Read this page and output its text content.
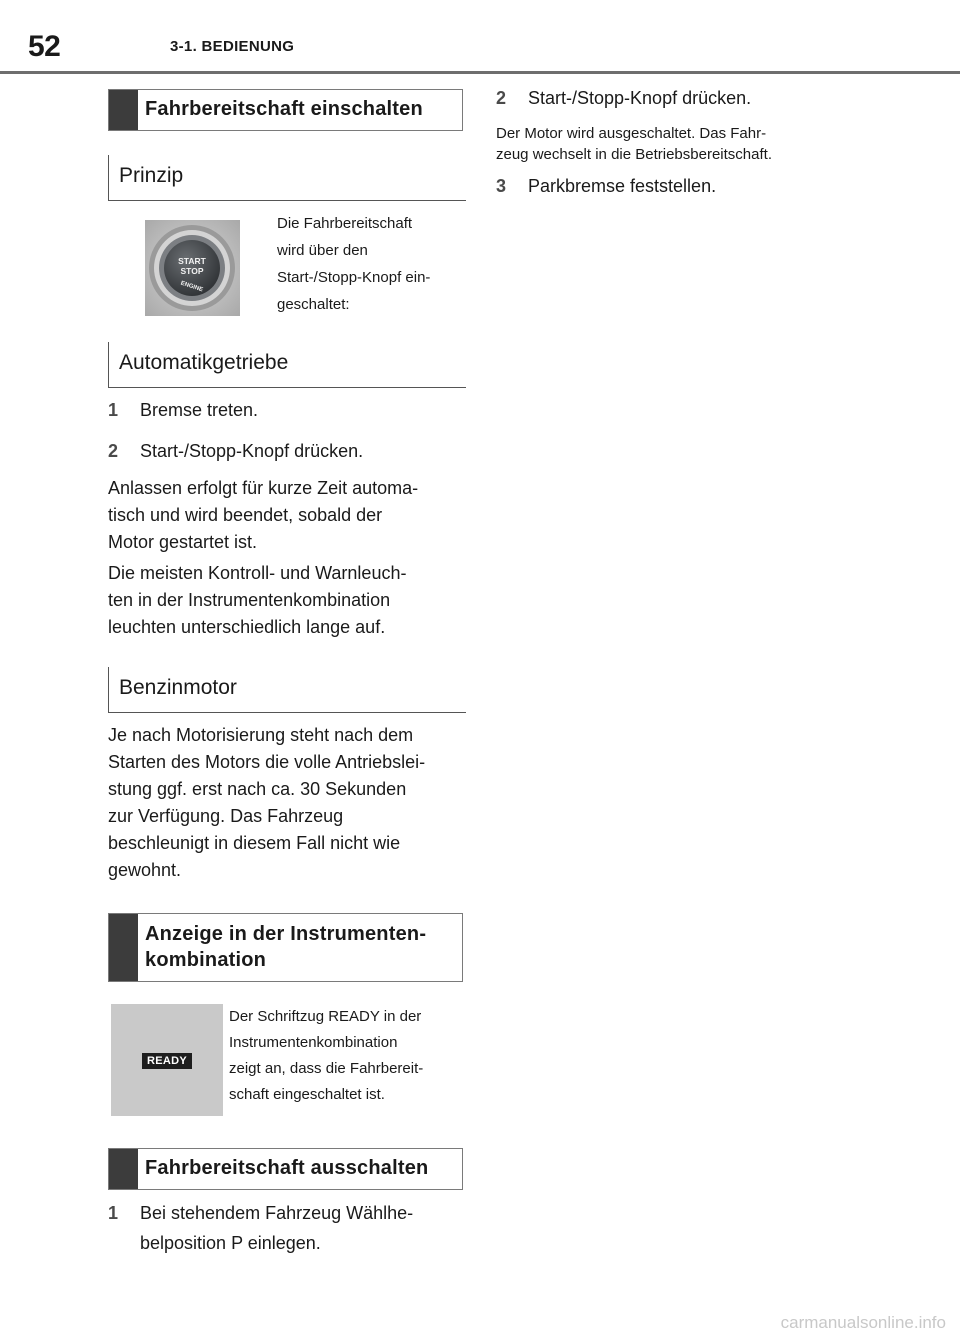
52	3-1. BEDIENUNG
Fahrbereitschaft einschalten
Prinzip
START
STOP
ENGINE
Die Fahrbereitschaft
wird über den
Start-/Stopp-Knopf ein-
geschaltet:
Automatikgetriebe
1 Bremse treten.
2 Start-/Stopp-Knopf drücken.
Anlassen erfolgt für kurze Zeit automa-
tisch und wird beendet, sobald der
Motor gestartet ist.
Die meisten Kontroll- und Warnleuch-
ten in der Instrumentenkombination
leuchten unterschiedlich lange auf.
Benzinmotor
Je nach Motorisierung steht nach dem
Starten des Motors die volle Antriebslei-
stung ggf. erst nach ca. 30 Sekunden
zur Verfügung. Das Fahrzeug
beschleunigt in diesem Fall nicht wie
gewohnt.
Anzeige in der Instrumenten-
kombination
READY
Der Schriftzug READY in der
Instrumentenkombination
zeigt an, dass die Fahrbereit-
schaft eingeschaltet ist.
Fahrbereitschaft ausschalten
1 Bei stehendem Fahrzeug Wählhe-
belposition P einlegen.
2 Start-/Stopp-Knopf drücken.
Der Motor wird ausgeschaltet. Das Fahr-
zeug wechselt in die Betriebsbereitschaft.
3 Parkbremse feststellen.
carmanualsonline.info
